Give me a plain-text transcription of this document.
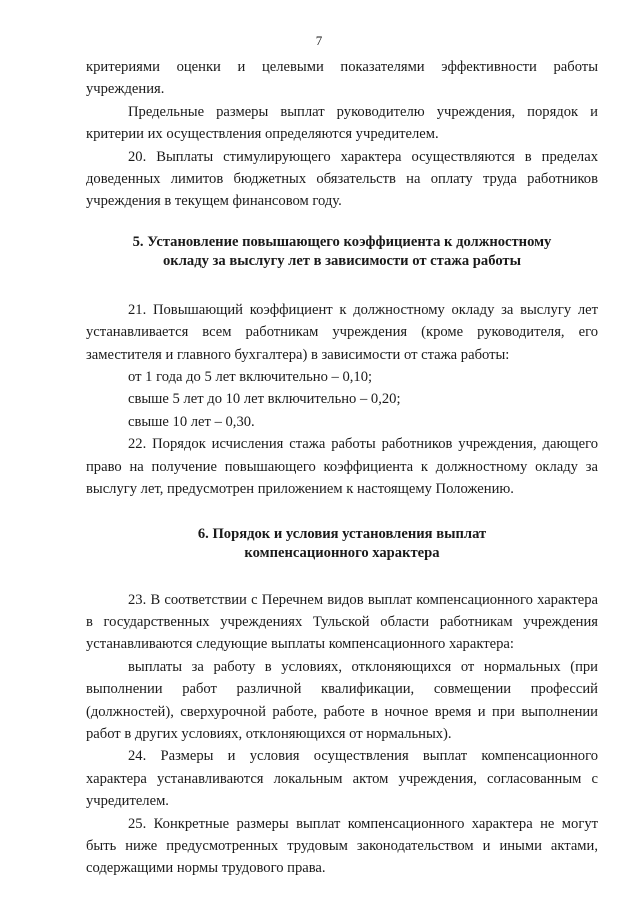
7

критериями оценки и целевыми показателями эффективности работы учреждения.

Предельные размеры выплат руководителю учреждения, порядок и критерии их осуществления определяются учредителем.

20. Выплаты стимулирующего характера осуществляются в пределах доведенных лимитов бюджетных обязательств на оплату труда работников учреждения в текущем финансовом году.

5. Установление повышающего коэффициента к должностному
окладу за выслугу лет в зависимости от стажа работы

21. Повышающий коэффициент к должностному окладу за выслугу лет устанавливается всем работникам учреждения (кроме руководителя, его заместителя и главного бухгалтера) в зависимости от стажа работы:

от 1 года до 5 лет включительно – 0,10;

свыше 5 лет до 10 лет включительно – 0,20;

свыше 10 лет – 0,30.

22. Порядок исчисления стажа работы работников учреждения, дающего право на получение повышающего коэффициента к должностному окладу за выслугу лет, предусмотрен приложением к настоящему Положению.

6. Порядок и условия установления выплат
компенсационного характера

23. В соответствии с Перечнем видов выплат компенсационного характера в государственных учреждениях Тульской области работникам учреждения устанавливаются следующие выплаты компенсационного характера:

выплаты за работу в условиях, отклоняющихся от нормальных (при выполнении работ различной квалификации, совмещении профессий (должностей), сверхурочной работе, работе в ночное время и при выполнении работ в других условиях, отклоняющихся от нормальных).

24. Размеры и условия осуществления выплат компенсационного характера устанавливаются локальным актом учреждения, согласованным с учредителем.

25. Конкретные размеры выплат компенсационного характера не могут быть ниже предусмотренных трудовым законодательством и иными актами, содержащими нормы трудового права.
